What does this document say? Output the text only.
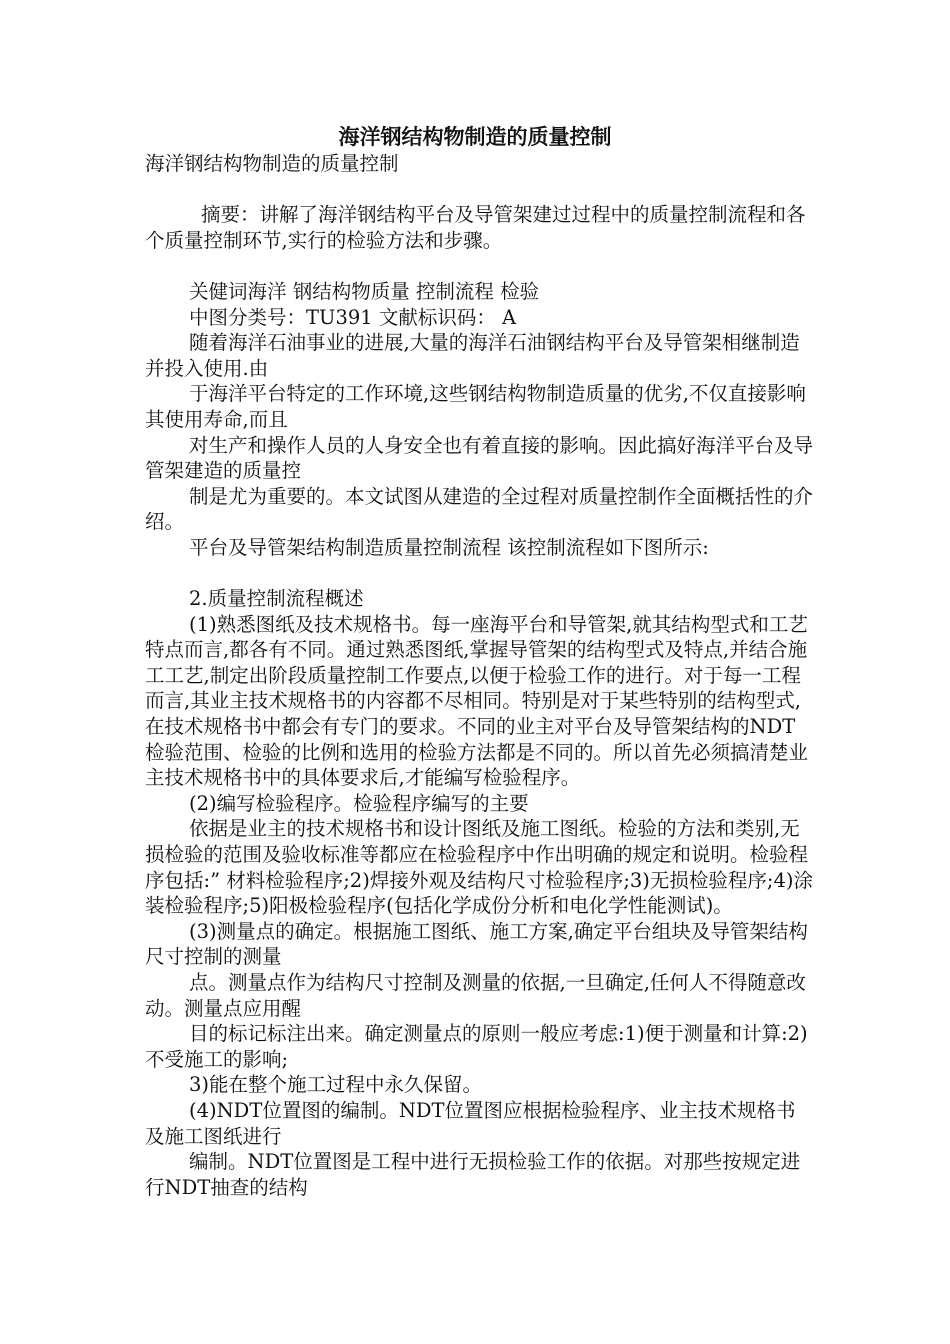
海洋钢结构物制造的质量控制

海洋钢结构物制造的质量控制

摘要：讲解了海洋钢结构平台及导管架建过过程中的质量控制流程和各个质量控制环节,实行的检验方法和步骤。

关健词海洋 钢结构物质量 控制流程 检验

中图分类号：TU391 文献标识码： A

随着海洋石油事业的进展,大量的海洋石油钢结构平台及导管架相继制造并投入使用.由

于海洋平台特定的工作环境,这些钢结构物制造质量的优劣,不仅直接影响其使用寿命,而且

对生产和操作人员的人身安全也有着直接的影响。因此搞好海洋平台及导管架建造的质量控

制是尤为重要的。本文试图从建造的全过程对质量控制作全面概括性的介绍。

平台及导管架结构制造质量控制流程 该控制流程如下图所示:

2.质量控制流程概述

(1)熟悉图纸及技术规格书。每一座海平台和导管架,就其结构型式和工艺特点而言,都各有不同。通过熟悉图纸,掌握导管架的结构型式及特点,并结合施工工艺,制定出阶段质量控制工作要点,以便于检验工作的进行。对于每一工程而言,其业主技术规格书的内容都不尽相同。特别是对于某些特别的结构型式,在技术规格书中都会有专门的要求。不同的业主对平台及导管架结构的NDT检验范围、检验的比例和选用的检验方法都是不同的。所以首先必须搞清楚业主技术规格书中的具体要求后,才能编写检验程序。

(2)编写检验程序。检验程序编写的主要

依据是业主的技术规格书和设计图纸及施工图纸。检验的方法和类别,无损检验的范围及验收标准等都应在检验程序中作出明确的规定和说明。检验程序包括:” 材料检验程序;2)焊接外观及结构尺寸检验程序;3)无损检验程序;4)涂装检验程序;5)阳极检验程序(包括化学成份分析和电化学性能测试)。

(3)测量点的确定。根据施工图纸、施工方案,确定平台组块及导管架结构尺寸控制的测量

点。测量点作为结构尺寸控制及测量的依据,一旦确定,任何人不得随意改动。测量点应用醒

目的标记标注出来。确定测量点的原则一般应考虑:1)便于测量和计算:2)不受施工的影响;

3)能在整个施工过程中永久保留。

(4)NDT位置图的编制。NDT位置图应根据检验程序、业主技术规格书及施工图纸进行

编制。NDT位置图是工程中进行无损检验工作的依据。对那些按规定进行NDT抽查的结构
